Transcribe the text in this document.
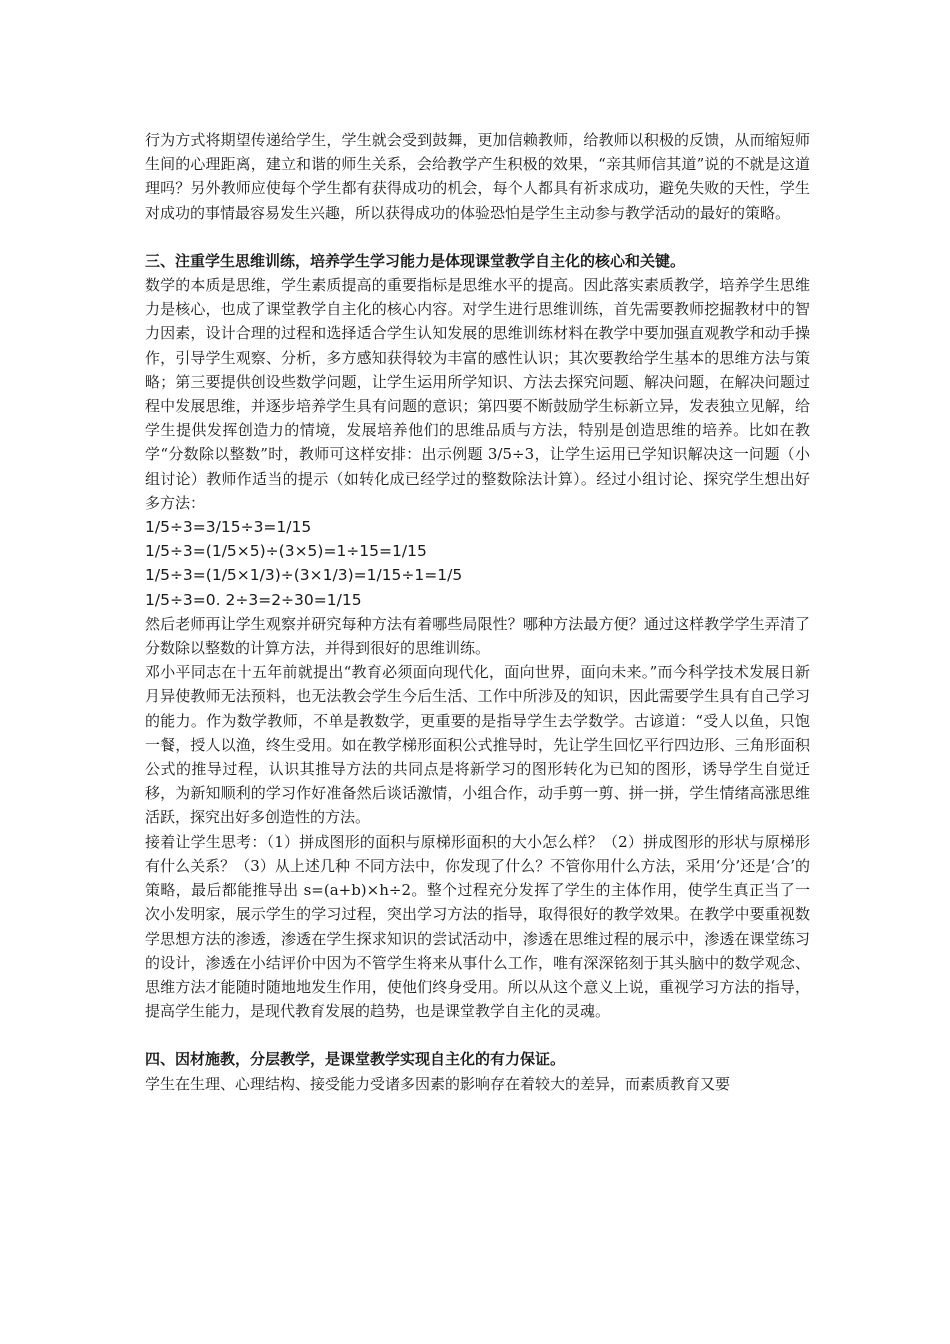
行为方式将期望传递给学生，学生就会受到鼓舞，更加信赖教师，给教师以积极的反馈，从而缩短师生间的心理距离，建立和谐的师生关系，会给教学产生积极的效果，“亲其师信其道”说的不就是这道理吗？另外教师应使每个学生都有获得成功的机会，每个人都具有祈求成功，避免失败的天性，学生对成功的事情最容易发生兴趣，所以获得成功的体验恐怕是学生主动参与教学活动的最好的策略。

三、注重学生思维训练，培养学生学习能力是体现课堂教学自主化的核心和关键。

数学的本质是思维，学生素质提高的重要指标是思维水平的提高。因此落实素质教学，培养学生思维力是核心，也成了课堂教学自主化的核心内容。对学生进行思维训练，首先需要教师挖掘教材中的智力因素，设计合理的过程和选择适合学生认知发展的思维训练材料在教学中要加强直观教学和动手操作，引导学生观察、分析，多方感知获得较为丰富的感性认识；其次要教给学生基本的思维方法与策略；第三要提供创设些数学问题，让学生运用所学知识、方法去探究问题、解决问题，在解决问题过程中发展思维，并逐步培养学生具有问题的意识；第四要不断鼓励学生标新立异，发表独立见解，给学生提供发挥创造力的情境，发展培养他们的思维品质与方法，特别是创造思维的培养。比如在教学“分数除以整数”时，教师可这样安排：出示例题 3/5÷3，让学生运用已学知识解决这一问题（小组讨论）教师作适当的提示（如转化成已经学过的整数除法计算）。经过小组讨论、探究学生想出好多方法：

1/5÷3=3/15÷3=1/15

1/5÷3=(1/5×5)÷(3×5)=1÷15=1/15

1/5÷3=(1/5×1/3)÷(3×1/3)=1/15÷1=1/5

1/5÷3=0. 2÷3=2÷30=1/15

然后老师再让学生观察并研究每种方法有着哪些局限性？哪种方法最方便？通过这样教学学生弄清了分数除以整数的计算方法，并得到很好的思维训练。

邓小平同志在十五年前就提出“教育必须面向现代化，面向世界，面向未来。”而今科学技术发展日新月异使教师无法预料，也无法教会学生今后生活、工作中所涉及的知识，因此需要学生具有自己学习的能力。作为数学教师，不单是教数学，更重要的是指导学生去学数学。古谚道：“受人以鱼，只饱一餐，授人以渔，终生受用。如在教学梯形面积公式推导时，先让学生回忆平行四边形、三角形面积公式的推导过程，认识其推导方法的共同点是将新学习的图形转化为已知的图形，诱导学生自觉迁移，为新知顺利的学习作好准备然后谈话激情，小组合作，动手剪一剪、拼一拼，学生情绪高涨思维活跃，探究出好多创造性的方法。

接着让学生思考：（1）拼成图形的面积与原梯形面积的大小怎么样？（2）拼成图形的形状与原梯形有什么关系？（3）从上述几种 不同方法中，你发现了什么？不管你用什么方法，采用‘分’还是‘合’的策略，最后都能推导出 s=(a+b)×h÷2。整个过程充分发挥了学生的主体作用，使学生真正当了一次小发明家，展示学生的学习过程，突出学习方法的指导，取得很好的教学效果。在教学中要重视数学思想方法的渗透，渗透在学生探求知识的尝试活动中，渗透在思维过程的展示中，渗透在课堂练习的设计，渗透在小结评价中因为不管学生将来从事什么工作，唯有深深铭刻于其头脑中的数学观念、思维方法才能随时随地地发生作用，使他们终身受用。所以从这个意义上说，重视学习方法的指导，提高学生能力，是现代教育发展的趋势，也是课堂教学自主化的灵魂。

四、因材施教，分层教学，是课堂教学实现自主化的有力保证。

学生在生理、心理结构、接受能力受诸多因素的影响存在着较大的差异，而素质教育又要
